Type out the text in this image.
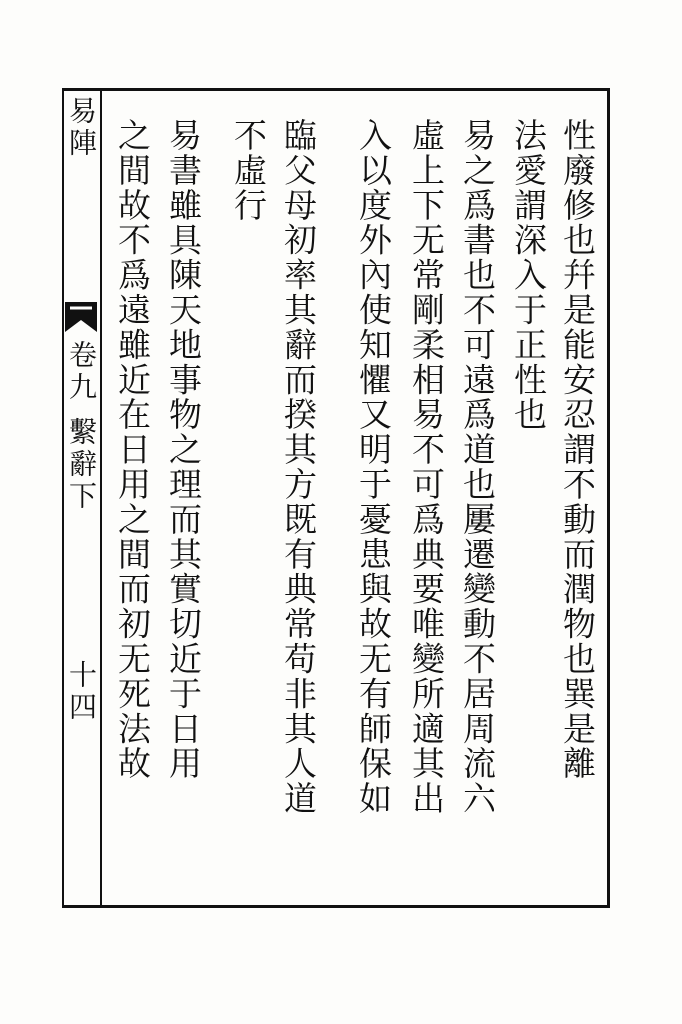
易陣
卷九 繫辭下
十四	性廢修也幷是能安忍謂不動而潤物也巽是離
法愛謂深入于正性也
易之爲書也不可遠爲道也屢遷變動不居周流六
虛上下无常剛柔相易不可爲典要唯變所適其出
入以度外內使知懼又明于憂患與故无有師保如
臨父母初率其辭而揆其方既有典常苟非其人道
不虛行
易書雖具陳天地事物之理而其實切近于日用
之間故不爲遠雖近在日用之間而初无死法故
